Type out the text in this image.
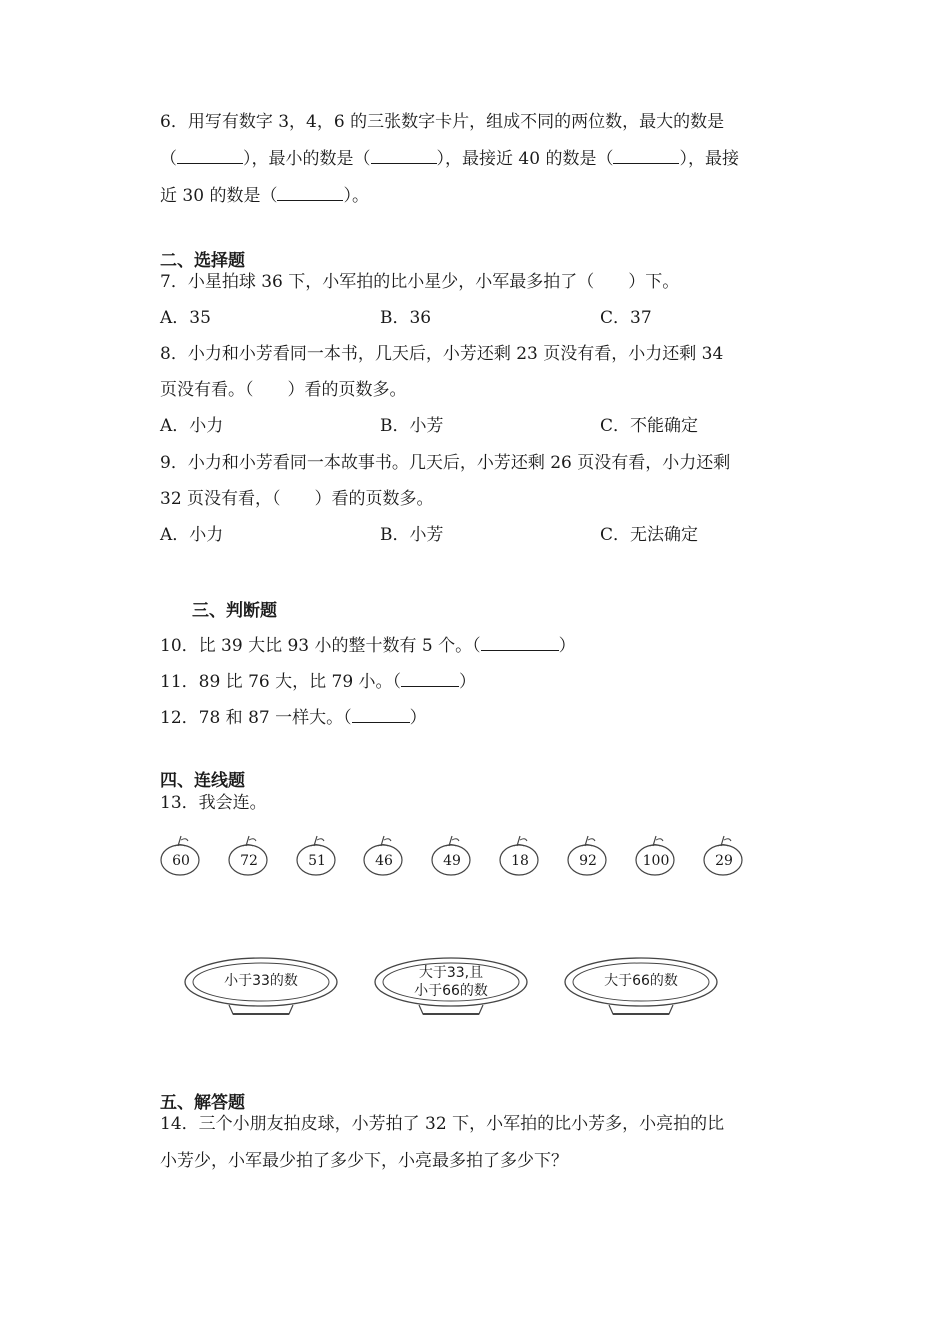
6．用写有数字 3，4，6 的三张数字卡片，组成不同的两位数，最大的数是
（	），最小的数是（	），最接近 40 的数是（	），最接
近 30 的数是（	）。
二、选择题
7．小星拍球 36 下，小军拍的比小星少，小军最多拍了（　　）下。
A．35	B．36	C．37
8．小力和小芳看同一本书，几天后，小芳还剩 23 页没有看，小力还剩 34
页没有看。（　　）看的页数多。
A．小力	B．小芳	C．不能确定
9．小力和小芳看同一本故事书。几天后，小芳还剩 26 页没有看，小力还剩
32 页没有看，（　　）看的页数多。
A．小力	B．小芳	C．无法确定
三、判断题
10．比 39 大比 93 小的整十数有 5 个。（	）
11．89 比 76 大，比 79 小。（	）
12．78 和 87 一样大。（	）
四、连线题
13．我会连。
60	72	51	46	49	18	92	100	29
小于33的数	大于33,且
小于66的数
大于66的数
五、解答题
14．三个小朋友拍皮球，小芳拍了 32 下，小军拍的比小芳多，小亮拍的比
小芳少，小军最少拍了多少下，小亮最多拍了多少下？
